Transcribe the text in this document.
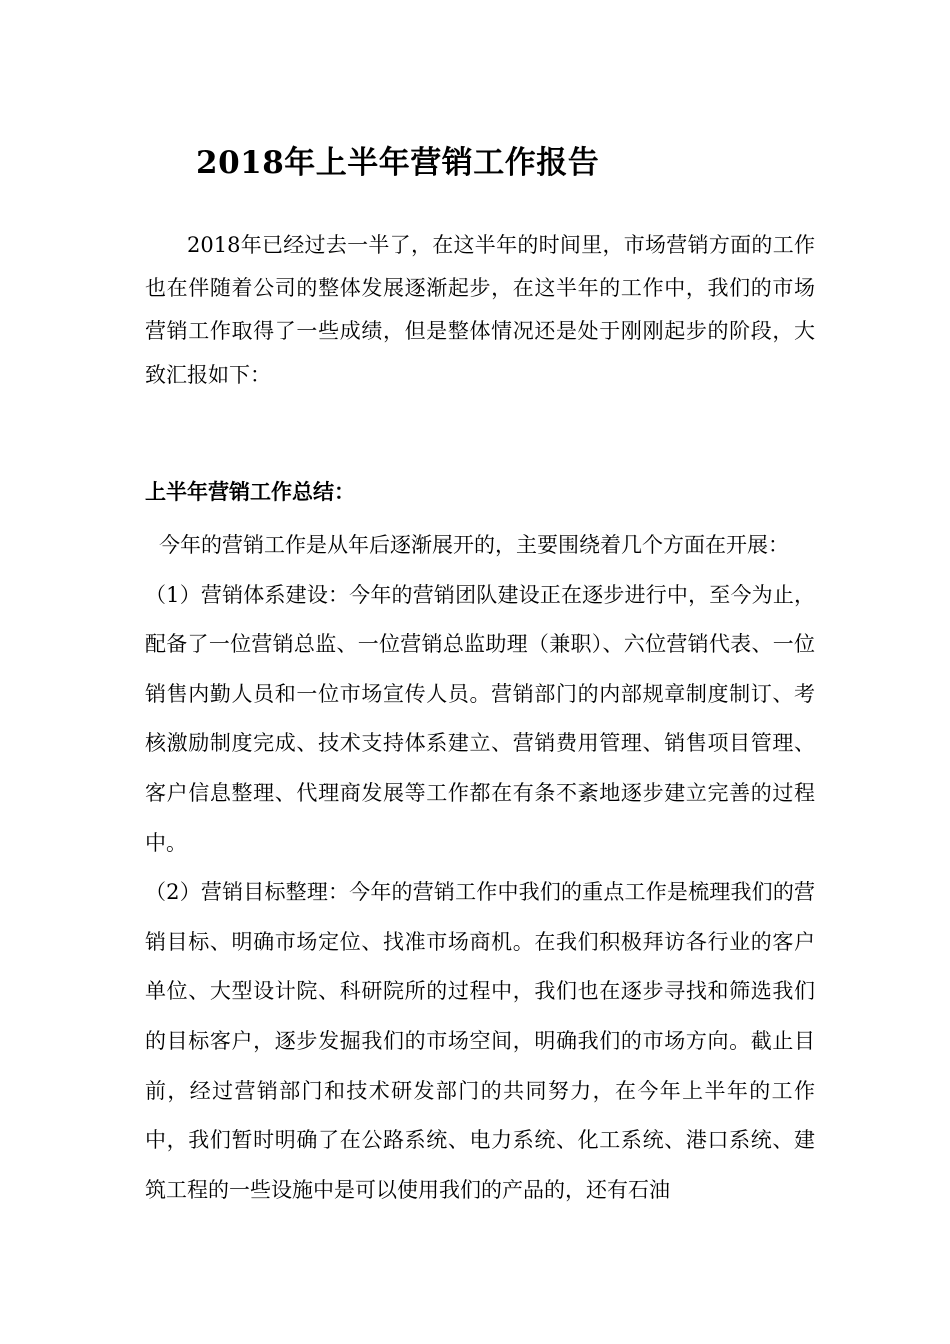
2018年上半年营销工作报告

2018年已经过去一半了，在这半年的时间里，市场营销方面的工作也在伴随着公司的整体发展逐渐起步，在这半年的工作中，我们的市场营销工作取得了一些成绩，但是整体情况还是处于刚刚起步的阶段，大致汇报如下：

上半年营销工作总结：

今年的营销工作是从年后逐渐展开的，主要围绕着几个方面在开展：

（1）营销体系建设：今年的营销团队建设正在逐步进行中，至今为止，配备了一位营销总监、一位营销总监助理（兼职）、六位营销代表、一位销售内勤人员和一位市场宣传人员。营销部门的内部规章制度制订、考核激励制度完成、技术支持体系建立、营销费用管理、销售项目管理、客户信息整理、代理商发展等工作都在有条不紊地逐步建立完善的过程中。

（2）营销目标整理：今年的营销工作中我们的重点工作是梳理我们的营销目标、明确市场定位、找准市场商机。在我们积极拜访各行业的客户单位、大型设计院、科研院所的过程中，我们也在逐步寻找和筛选我们的目标客户，逐步发掘我们的市场空间，明确我们的市场方向。截止目前，经过营销部门和技术研发部门的共同努力，在今年上半年的工作中，我们暂时明确了在公路系统、电力系统、化工系统、港口系统、建筑工程的一些设施中是可以使用我们的产品的，还有石油
